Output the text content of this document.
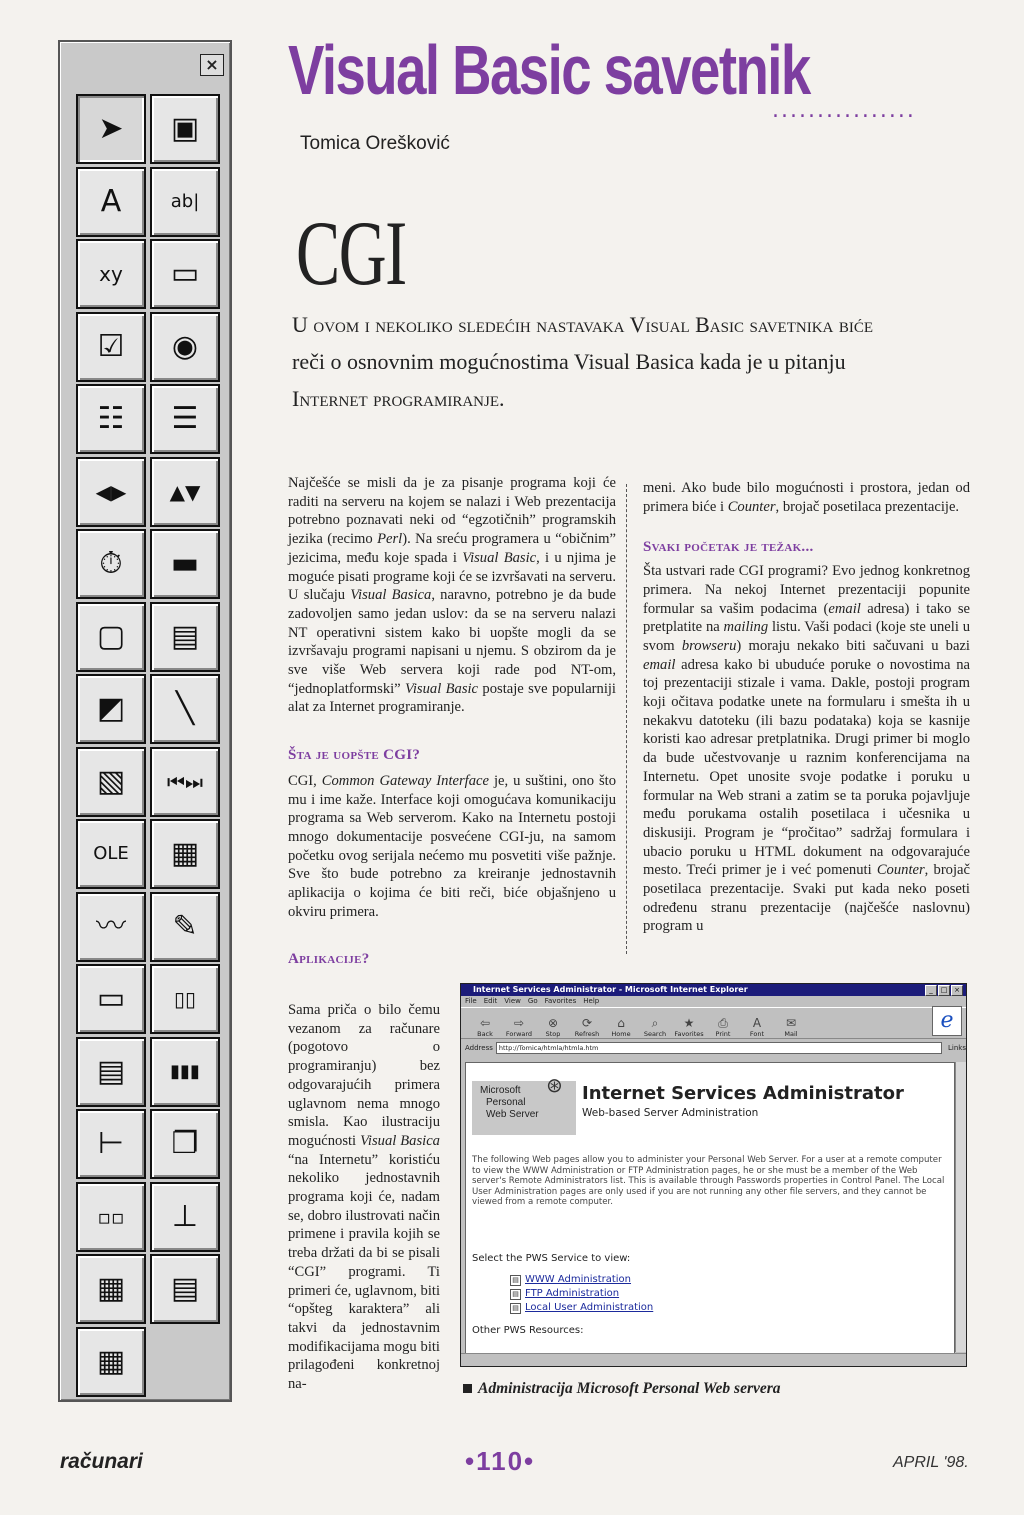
×
➤ ▣
A	ab|
xy ▭
☑ ◉
☷ ☰
◀▶ ▲▼
⏱ ▬
▢ ▤
◩ ╲
▧ ⏮⏭
OLE ▦
〰 ✎
▭ ▯▯
▤ ▮▮▮
⊢ ❐
▫▫ ⊥
▦ ▤
▦
Visual Basic savetnik
................
Tomica Orešković
CGI
U ovom i nekoliko sledećih nastavaka Visual Basic savetnika biće
reči o osnovnim mogućnostima Visual Basica kada je u pitanju
Internet programiranje.

Najčešće se misli da je za pisanje programa koji će raditi na serveru na kojem se nalazi i Web prezentacija potrebno poznavati neki od “egzotičnih” programskih jezika (recimo Perl). Na sreću programera u “običnim” jezicima, među koje spada i Visual Basic, i u njima je moguće pisati programe koji će se izvršavati na serveru. U slučaju Visual Basica, naravno, potrebno je da bude zadovoljen samo jedan uslov: da se na serveru nalazi NT operativni sistem kako bi uopšte mogli da se izvršavaju programi napisani u njemu. S obzirom da je sve više Web servera koji rade pod NT-om, “jednoplatformski” Visual Basic postaje sve popularniji alat za Internet programiranje.

Šta je uopšte CGI?

CGI, Common Gateway Interface je, u suštini, ono što mu i ime kaže. Interface koji omogućava komunikaciju programa sa Web serverom. Kako na Internetu postoji mnogo dokumentacije posvećene CGI-ju, na samom početku ovog serijala nećemo mu posvetiti više pažnje. Sve što bude potrebno za kreiranje jednostavnih aplikacija o kojima će biti reči, biće objašnjeno u okviru primera.

Aplikacije?

Sama priča o bilo čemu vezanom za računare (pogotovo o programiranju) bez odgovarajućih primera uglavnom nema mnogo smisla. Kao ilustraciju mogućnosti Visual Basica “na Internetu” koristiću nekoliko jednostavnih programa koji će, nadam se, dobro ilustrovati način primene i pravila kojih se treba držati da bi se pisali “CGI” programi. Ti primeri će, uglavnom, biti “opšteg karaktera” ali takvi da jednostavnim modifikacijama mogu biti prilagođeni konkretnoj na-

meni. Ako bude bilo mogućnosti i prostora, jedan od primera biće i Counter, brojač posetilaca prezentacije.

Svaki početak je težak...

Šta ustvari rade CGI programi? Evo jednog konkretnog primera. Na nekoj Internet prezentaciji popunite formular sa vašim podacima (email adresa) i tako se pretplatite na mailing listu. Vaši podaci (koje ste uneli u svom browseru) moraju nekako biti sačuvani u bazi email adresa kako bi ubuduće poruke o novostima na toj prezentaciji stizale i vama. Dakle, postoji program koji očitava podatke unete na formularu i smešta ih u nekakvu datoteku (ili bazu podataka) koja se kasnije koristi kao adresar pretplatnika. Drugi primer bi moglo da bude učestvovanje u raznim konferencijama na Internetu. Opet unosite svoje podatke i poruku u formular na Web strani a zatim se ta poruka pojavljuje među porukama ostalih posetilaca i učesnika u diskusiji. Program je “pročitao” sadržaj formulara i ubacio poruku u HTML dokument na odgovarajuće mesto. Treći primer je i već pomenuti Counter, brojač posetilaca prezentacije. Svaki put kada neko poseti određenu stranu prezentacije (najčešće naslovnu) program u

Internet Services Administrator - Microsoft Internet Explorer	_	□ ×
File Edit View Go Favorites Help
⇦
Back
⇨
Forward
⊗
Stop
⟳
Refresh
⌂
Home
⌕
Search
★
Favorites
⎙
Print
A
Font
✉
Mail
e
Address http://Tomica/htmla/htmla.htm	Links
Microsoft
Personal
Web Server
⊛ Internet Services Administrator
Web-based Server Administration
The following Web pages allow you to administer your Personal Web Server. For a user at a remote computer to view the WWW Administration or FTP Administration pages, he or she must be a member of the Web server's Remote Administrators list. This is available through Passwords properties in Control Panel. The Local User Administration pages are only used if you are not running any other file servers, and they cannot be viewed from a remote computer.
Select the PWS Service to view:
▤ WWW Administration
▤ FTP Administration
▤ Local User Administration
Other PWS Resources:
Administracija Microsoft Personal Web servera
računari	•110•	APRIL '98.
